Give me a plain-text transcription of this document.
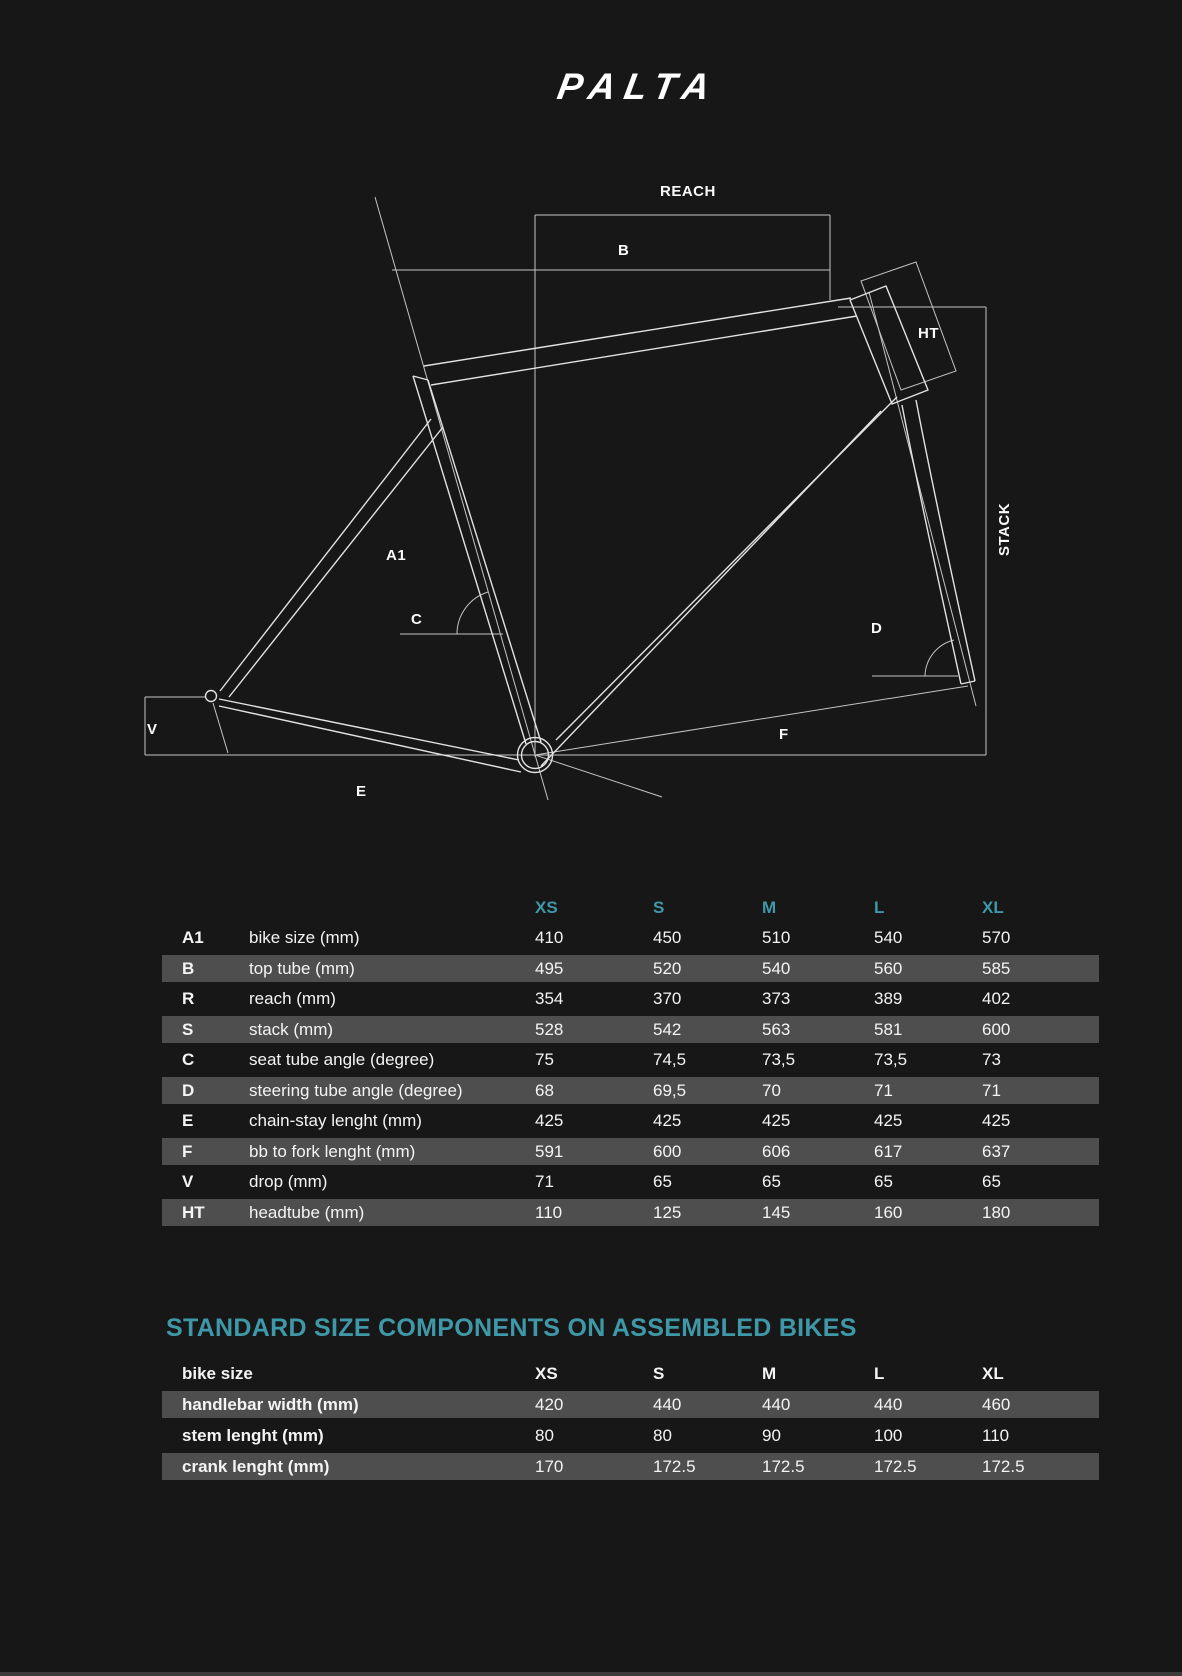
PALTA
REACH
B
HT
STACK
A1
C
D
V	F
E
XS	S	M	L	XL
A1	bike size (mm)	410	450	510	540	570
B	top tube (mm)	495	520	540	560	585
R	reach (mm)	354	370	373	389	402
S	stack (mm)	528	542	563	581	600
C	seat tube angle (degree)	75	74,5	73,5	73,5	73
D	steering tube angle (degree)	68	69,5	70	71	71
E	chain-stay lenght (mm)	425	425	425	425	425
F	bb to fork lenght (mm)	591	600	606	617	637
V	drop (mm)	71	65	65	65	65
HT	headtube (mm)	110	125	145	160	180
STANDARD SIZE COMPONENTS ON ASSEMBLED BIKES
bike size	XS	S	M	L	XL
handlebar width (mm)	420	440	440	440	460
stem lenght (mm)	80	80	90	100	110
crank lenght (mm)	170	172.5	172.5	172.5	172.5
